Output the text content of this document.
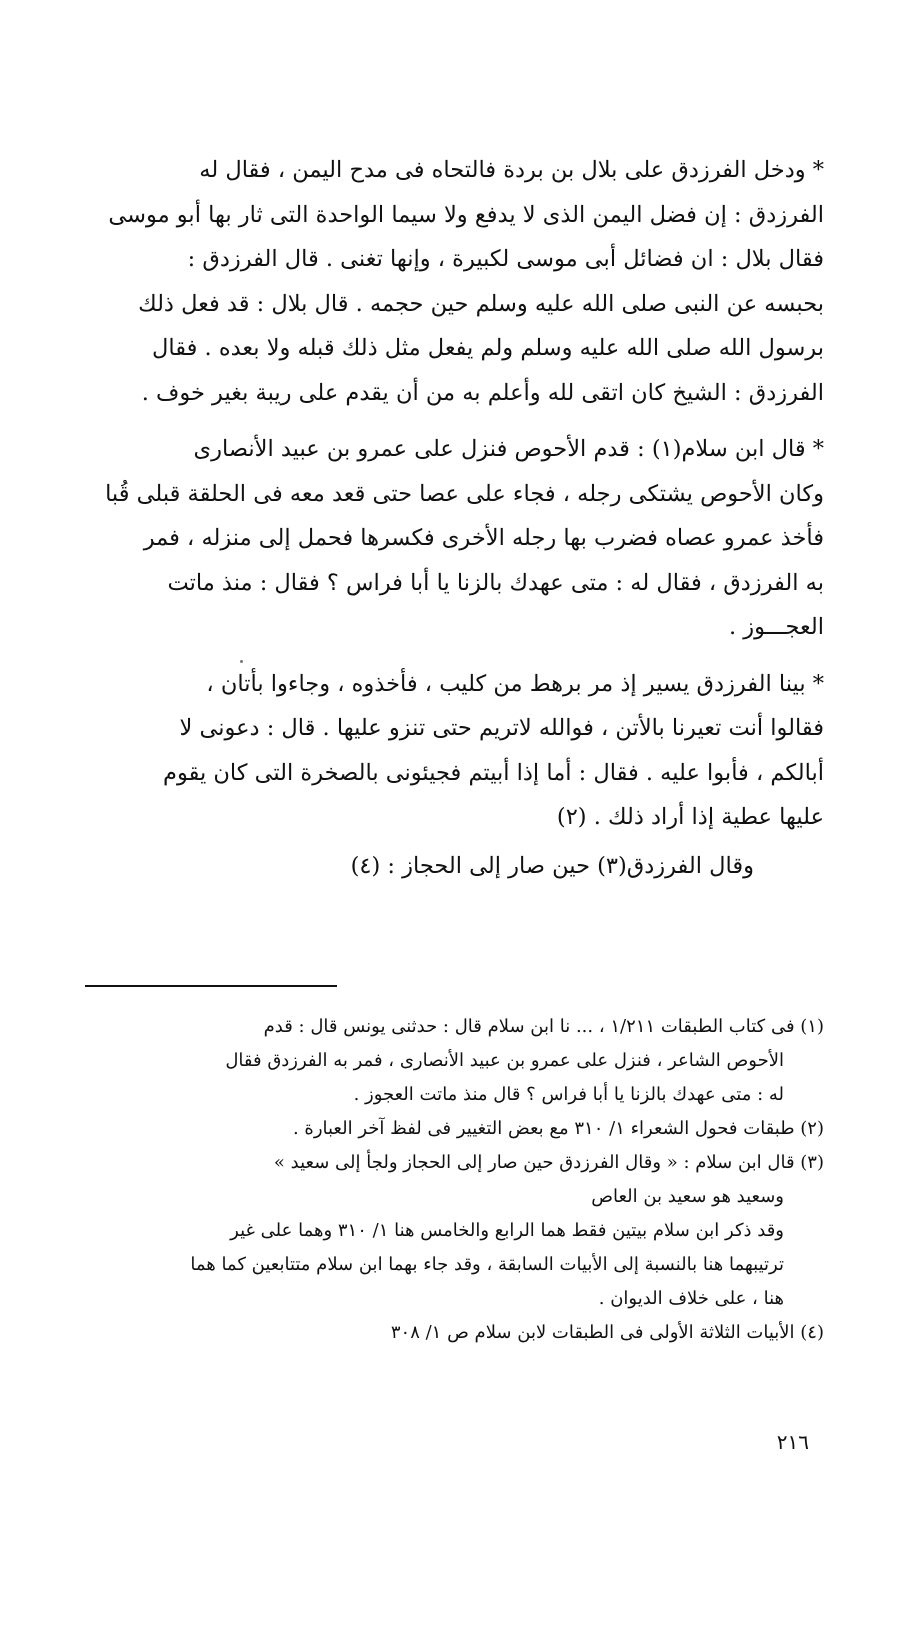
* ودخل الفرزدق على بلال بن بردة فالتحاه فى مدح اليمن ، فقال له
الفرزدق : إن فضل اليمن الذى لا يدفع ولا سيما الواحدة التى ثار بها أبو موسى
فقال بلال : ان فضائل أبى موسى لكبيرة ، وإنها تغنى . قال الفرزدق :
بحبسه عن النبى صلى الله عليه وسلم حين حجمه . قال بلال : قد فعل ذلك
برسول الله صلى الله عليه وسلم ولم يفعل مثل ذلك قبله ولا بعده . فقال
الفرزدق : الشيخ كان اتقى لله وأعلم به من أن يقدم على ريبة بغير خوف .

* قال ابن سلام(١) : قدم الأحوص فنزل على عمرو بن عبيد الأنصارى
وكان الأحوص يشتكى رجله ، فجاء على عصا حتى قعد معه فى الحلقة قبلى قُبا
فأخذ عمرو عصاه فضرب بها رجله الأخرى فكسرها فحمل إلى منزله ، فمر
به الفرزدق ، فقال له : متى عهدك بالزنا يا أبا فراس ؟ فقال : منذ ماتت
العجـــوز .

* بينا الفرزدق يسير إذ مر برهط من كليب ، فأخذوه ، وجاءوا بأتان ،
فقالوا أنت تعيرنا بالأتن ، فوالله لاتريم حتى تنزو عليها . قال : دعونى لا
أبالكم ، فأبوا عليه . فقال : أما إذا أبيتم فجيئونى بالصخرة التى كان يقوم
عليها عطية إذا أراد ذلك . (٢)

وقال الفرزدق(٣) حين صار إلى الحجاز : (٤)

(١) فى كتاب الطبقات ١/٢١١ ، ... نا ابن سلام قال : حدثنى يونس قال : قدم
الأحوص الشاعر ، فنزل على عمرو بن عبيد الأنصارى ، فمر به الفرزدق فقال
له : متى عهدك بالزنا يا أبا فراس ؟ قال منذ ماتت العجوز .
(٢) طبقات فحول الشعراء ١/ ٣١٠ مع بعض التغيير فى لفظ آخر العبارة .
(٣) قال ابن سلام : « وقال الفرزدق حين صار إلى الحجاز ولجأ إلى سعيد »
وسعيد هو سعيد بن العاص
وقد ذكر ابن سلام بيتين فقط هما الرابع والخامس هنا ١/ ٣١٠ وهما على غير
ترتيبهما هنا بالنسبة إلى الأبيات السابقة ، وقد جاء بهما ابن سلام متتابعين كما هما
هنا ، على خلاف الديوان .
(٤) الأبيات الثلاثة الأولى فى الطبقات لابن سلام ص ١/ ٣٠٨
٢١٦
